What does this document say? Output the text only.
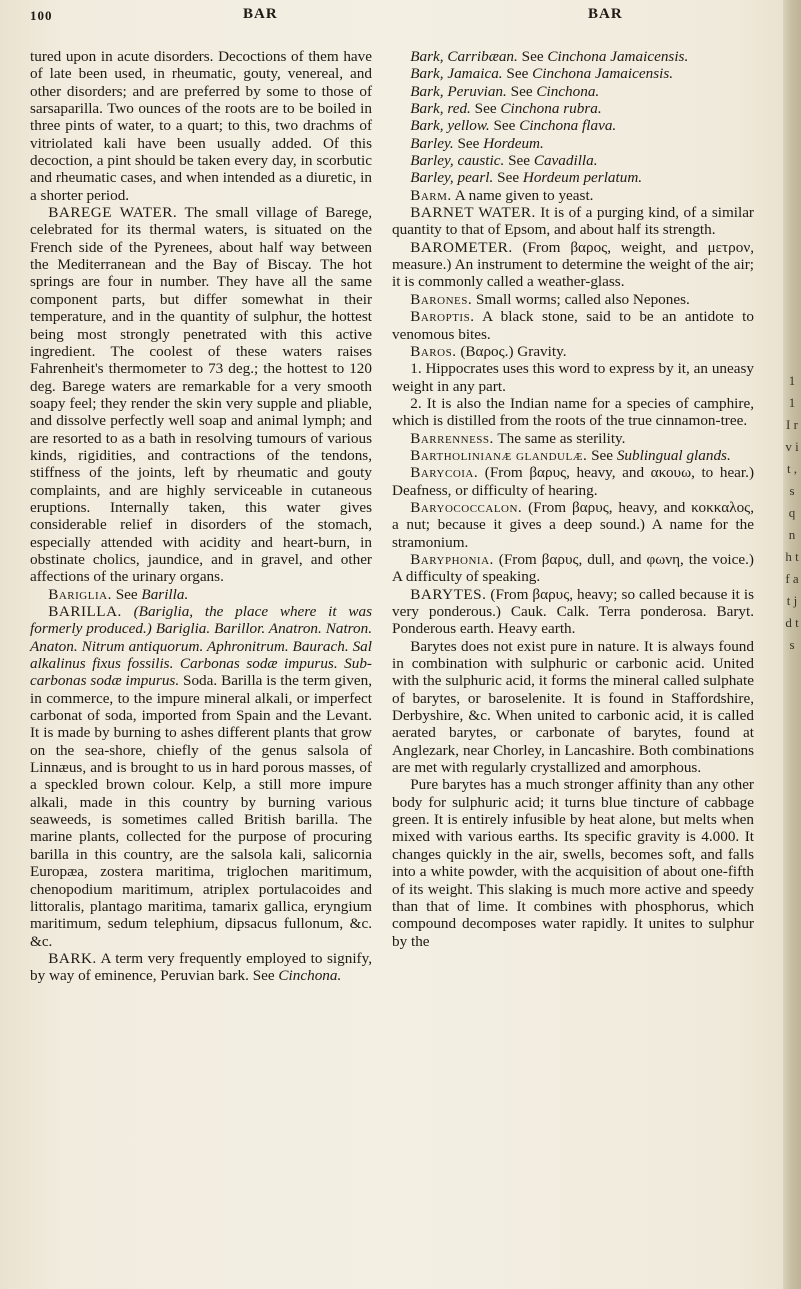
100	BAR	BAR

tured upon in acute disorders. Decoctions of them have of late been used, in rheumatic, gouty, venereal, and other disorders; and are preferred by some to those of sarsaparilla. Two ounces of the roots are to be boiled in three pints of water, to a quart; to this, two drachms of vitriolated kali have been usually added. Of this decoction, a pint should be taken every day, in scorbutic and rheumatic cases, and when intended as a diuretic, in a shorter period.

BAREGE WATER. The small village of Barege, celebrated for its thermal waters, is situated on the French side of the Pyrenees, about half way between the Mediterranean and the Bay of Biscay. The hot springs are four in number. They have all the same component parts, but differ somewhat in their temperature, and in the quantity of sulphur, the hottest being most strongly penetrated with this active ingredient. The coolest of these waters raises Fahrenheit's thermometer to 73 deg.; the hottest to 120 deg. Barege waters are remarkable for a very smooth soapy feel; they render the skin very supple and pliable, and dissolve perfectly well soap and animal lymph; and are resorted to as a bath in resolving tumours of various kinds, rigidities, and contractions of the tendons, stiffness of the joints, left by rheumatic and gouty complaints, and are highly serviceable in cutaneous eruptions. Internally taken, this water gives considerable relief in disorders of the stomach, especially attended with acidity and heart-burn, in obstinate cholics, jaundice, and in gravel, and other affections of the urinary organs.

Bariglia. See Barilla.

BARILLA. (Bariglia, the place where it was formerly produced.) Bariglia. Barillor. Anatron. Natron. Anaton. Nitrum antiquorum. Aphronitrum. Baurach. Sal alkalinus fixus fossilis. Carbonas sodæ impurus. Sub-carbonas sodæ impurus. Soda. Barilla is the term given, in commerce, to the impure mineral alkali, or imperfect carbonat of soda, imported from Spain and the Levant. It is made by burning to ashes different plants that grow on the sea-shore, chiefly of the genus salsola of Linnæus, and is brought to us in hard porous masses, of a speckled brown colour. Kelp, a still more impure alkali, made in this country by burning various seaweeds, is sometimes called British barilla. The marine plants, collected for the purpose of procuring barilla in this country, are the salsola kali, salicornia Europæa, zostera maritima, triglochen maritimum, chenopodium maritimum, atriplex portulacoides and littoralis, plantago maritima, tamarix gallica, eryngium maritimum, sedum telephium, dipsacus fullonum, &c. &c.

BARK. A term very frequently employed to signify, by way of eminence, Peruvian bark. See Cinchona.

Bark, Carribæan. See Cinchona Jamaicensis.

Bark, Jamaica. See Cinchona Jamaicensis.

Bark, Peruvian. See Cinchona.

Bark, red. See Cinchona rubra.

Bark, yellow. See Cinchona flava.

Barley. See Hordeum.

Barley, caustic. See Cavadilla.

Barley, pearl. See Hordeum perlatum.

Barm. A name given to yeast.

BARNET WATER. It is of a purging kind, of a similar quantity to that of Epsom, and about half its strength.

BAROMETER. (From βαρος, weight, and μετρον, measure.) An instrument to determine the weight of the air; it is commonly called a weather-glass.

Barones. Small worms; called also Nepones.

Baroptis. A black stone, said to be an antidote to venomous bites.

Baros. (Βαρος.) Gravity.

1. Hippocrates uses this word to express by it, an uneasy weight in any part.

2. It is also the Indian name for a species of camphire, which is distilled from the roots of the true cinnamon-tree.

Barrenness. The same as sterility.

Bartholinianæ glandulæ. See Sublingual glands.

Barycoia. (From βαρυς, heavy, and ακουω, to hear.) Deafness, or difficulty of hearing.

Baryococcalon. (From βαρυς, heavy, and κοκκαλος, a nut; because it gives a deep sound.) A name for the stramonium.

Baryphonia. (From βαρυς, dull, and φωνη, the voice.) A difficulty of speaking.

BARYTES. (From βαρυς, heavy; so called because it is very ponderous.) Cauk. Calk. Terra ponderosa. Baryt. Ponderous earth. Heavy earth.

Barytes does not exist pure in nature. It is always found in combination with sulphuric or carbonic acid. United with the sulphuric acid, it forms the mineral called sulphate of barytes, or baroselenite. It is found in Staffordshire, Derbyshire, &c. When united to carbonic acid, it is called aerated barytes, or carbonate of barytes, found at Anglezark, near Chorley, in Lancashire. Both combinations are met with regularly crystallized and amorphous.

Pure barytes has a much stronger affinity than any other body for sulphuric acid; it turns blue tincture of cabbage green. It is entirely infusible by heat alone, but melts when mixed with various earths. Its specific gravity is 4.000. It changes quickly in the air, swells, becomes soft, and falls into a white powder, with the acquisition of about one-fifth of its weight. This slaking is much more active and speedy than that of lime. It combines with phosphorus, which compound decomposes water rapidly. It unites to sulphur by the

1 1 I r v i t , s q n h t f a t j d t s
